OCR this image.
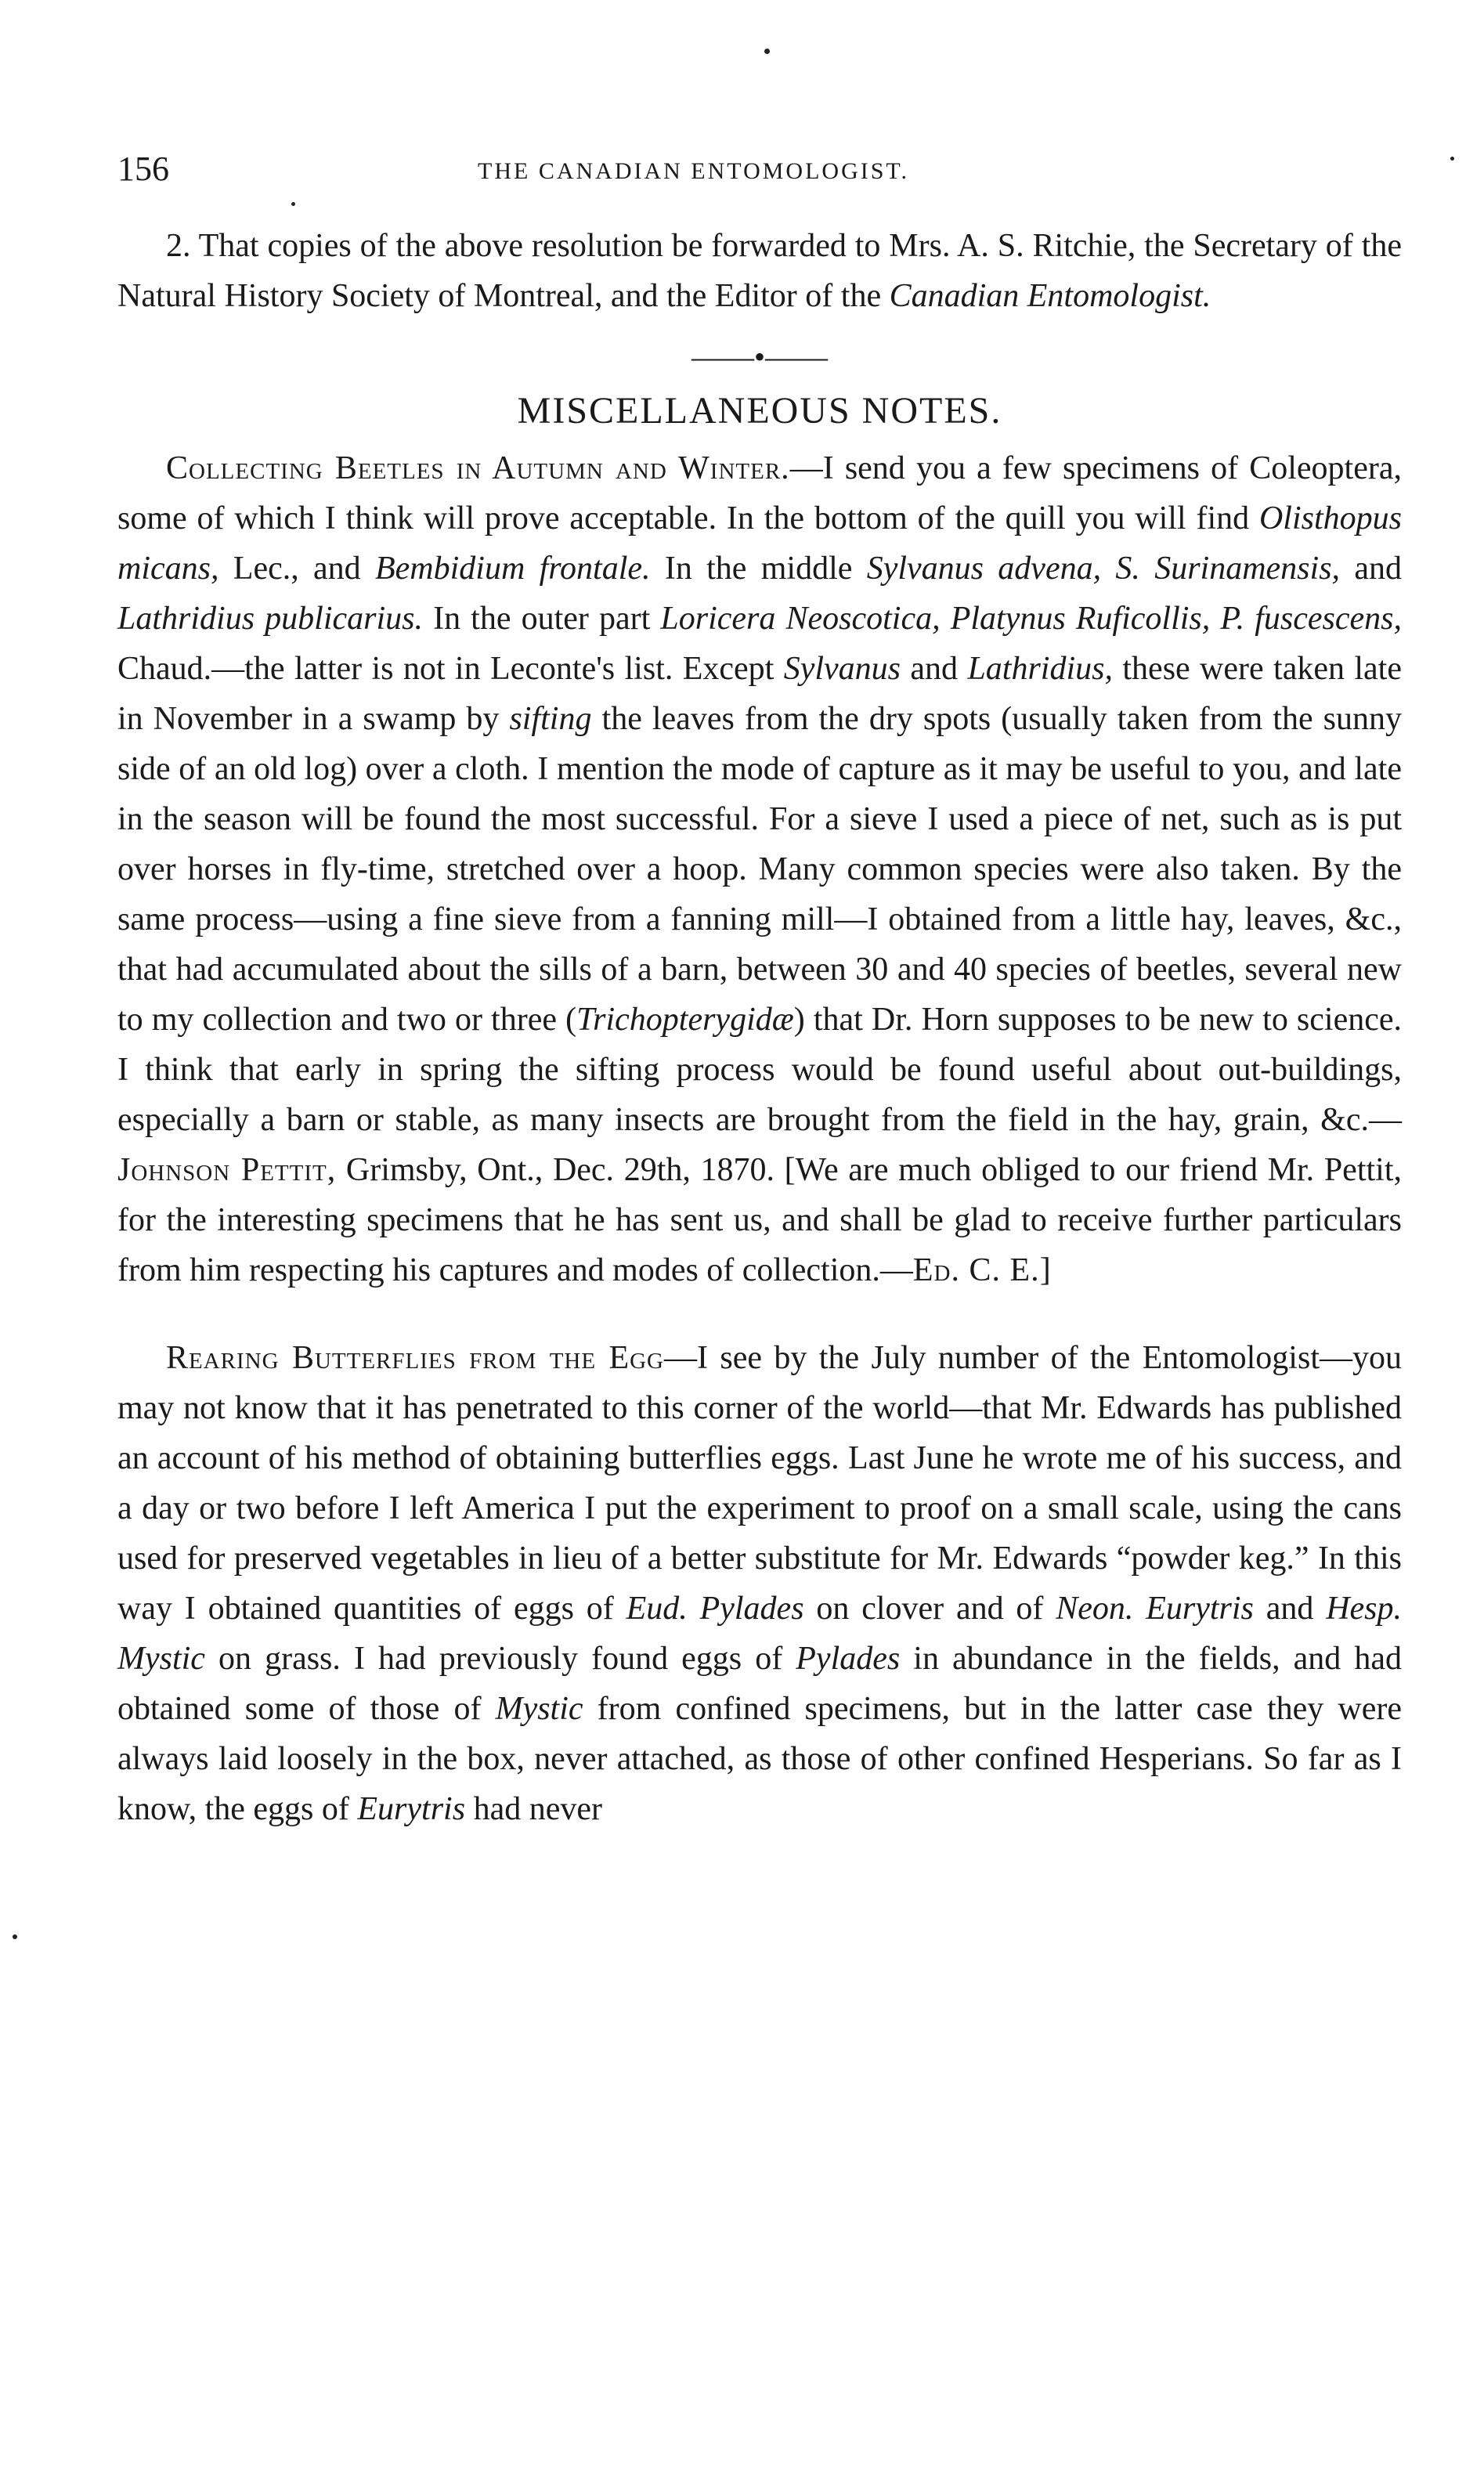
156	THE CANADIAN ENTOMOLOGIST.

2. That copies of the above resolution be forwarded to Mrs. A. S. Ritchie, the Secretary of the Natural History Society of Montreal, and the Editor of the Canadian Entomologist.

——•——
MISCELLANEOUS NOTES.

Collecting Beetles in Autumn and Winter.—I send you a few specimens of Coleoptera, some of which I think will prove acceptable. In the bottom of the quill you will find Olisthopus micans, Lec., and Bembidium frontale. In the middle Sylvanus advena, S. Surinamensis, and Lathridius publicarius. In the outer part Loricera Neoscotica, Platynus Ruficollis, P. fuscescens, Chaud.—the latter is not in Leconte's list. Except Sylvanus and Lathridius, these were taken late in November in a swamp by sifting the leaves from the dry spots (usually taken from the sunny side of an old log) over a cloth. I mention the mode of capture as it may be useful to you, and late in the season will be found the most successful. For a sieve I used a piece of net, such as is put over horses in fly-time, stretched over a hoop. Many common species were also taken. By the same process—using a fine sieve from a fanning mill—I obtained from a little hay, leaves, &c., that had accumulated about the sills of a barn, between 30 and 40 species of beetles, several new to my collection and two or three (Trichopterygidæ) that Dr. Horn supposes to be new to science. I think that early in spring the sifting process would be found useful about out-buildings, especially a barn or stable, as many insects are brought from the field in the hay, grain, &c.—Johnson Pettit, Grimsby, Ont., Dec. 29th, 1870. [We are much obliged to our friend Mr. Pettit, for the interesting specimens that he has sent us, and shall be glad to receive further particulars from him respecting his captures and modes of collection.—Ed. C. E.]

Rearing Butterflies from the Egg—I see by the July number of the Entomologist—you may not know that it has penetrated to this corner of the world—that Mr. Edwards has published an account of his method of obtaining butterflies eggs. Last June he wrote me of his success, and a day or two before I left America I put the experiment to proof on a small scale, using the cans used for preserved vegetables in lieu of a better substitute for Mr. Edwards “powder keg.” In this way I obtained quantities of eggs of Eud. Pylades on clover and of Neon. Eurytris and Hesp. Mystic on grass. I had previously found eggs of Pylades in abundance in the fields, and had obtained some of those of Mystic from confined specimens, but in the latter case they were always laid loosely in the box, never attached, as those of other confined Hesperians. So far as I know, the eggs of Eurytris had never
